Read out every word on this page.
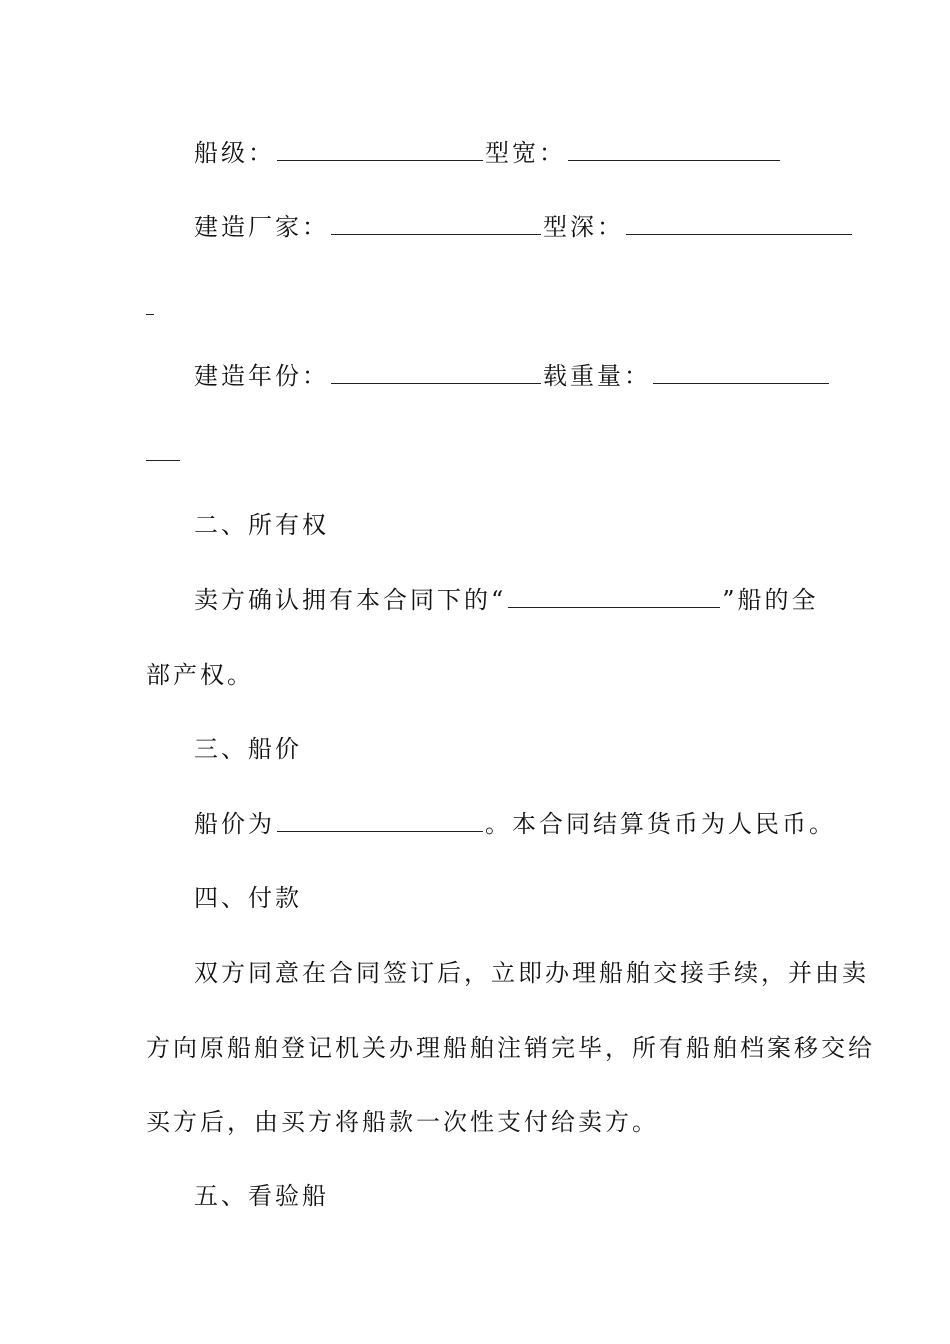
船级：	型宽：
建造厂家：	型深：
建造年份：	载重量：
二、所有权
卖方确认拥有本合同下的“	”船的全
部产权。
三、船价
船价为	。本合同结算货币为人民币。
四、付款
双方同意在合同签订后，立即办理船舶交接手续，并由卖
方向原船舶登记机关办理船舶注销完毕，所有船舶档案移交给
买方后，由买方将船款一次性支付给卖方。
五、看验船
